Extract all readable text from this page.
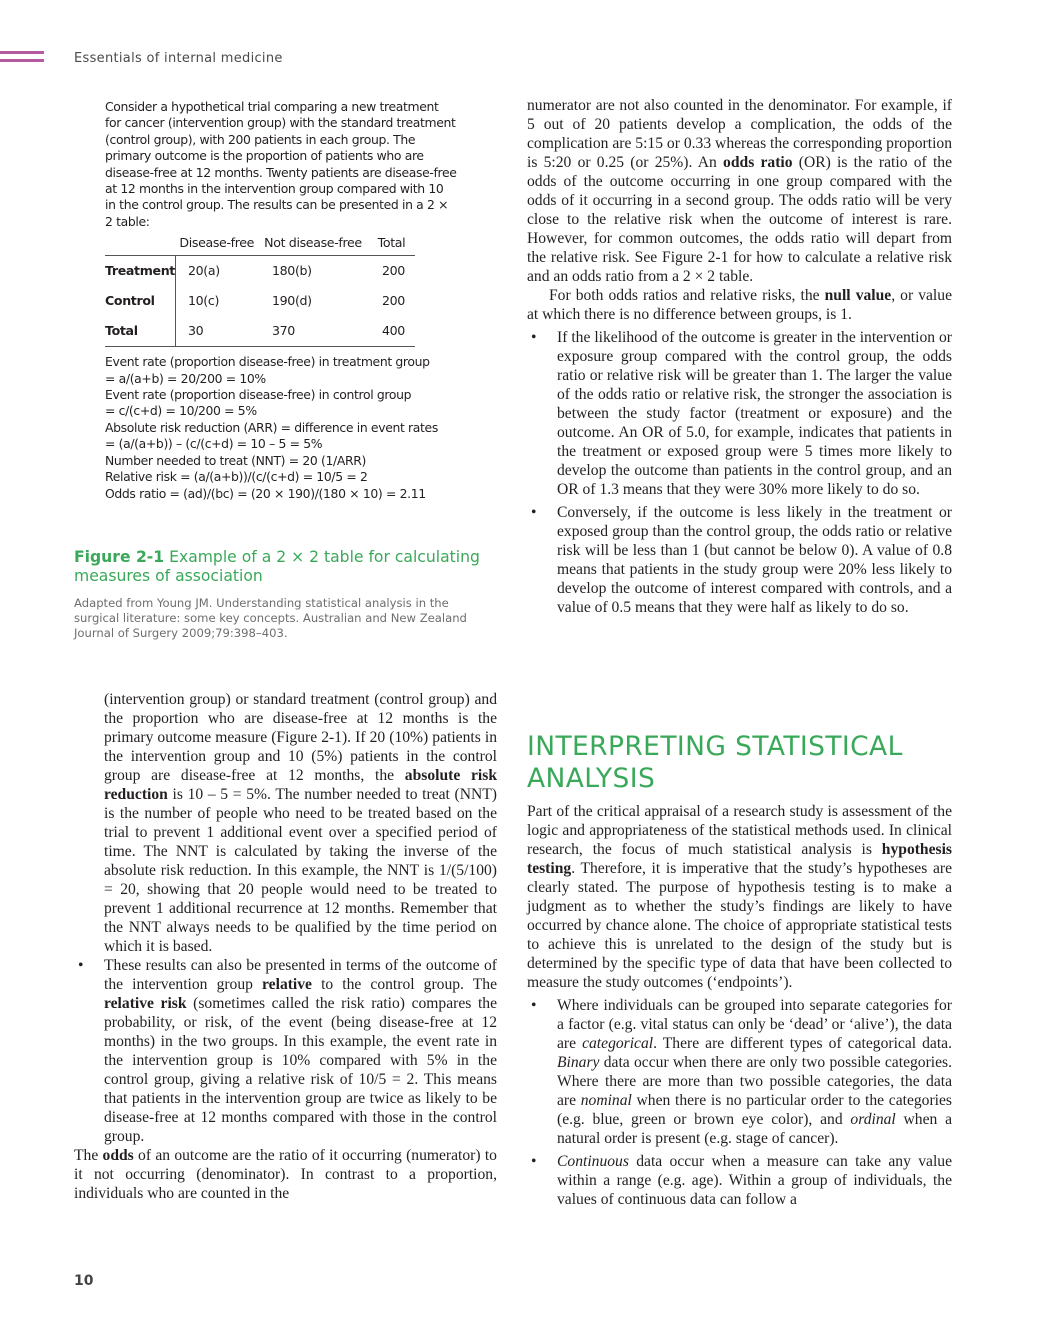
Essentials of internal medicine

Consider a hypothetical trial comparing a new treatment for cancer (intervention group) with the standard treatment (control group), with 200 patients in each group. The primary outcome is the proportion of patients who are disease-free at 12 months. Twenty patients are disease-free at 12 months in the intervention group compared with 10 in the control group. The results can be presented in a 2 × 2 table:

	Disease-free	Not disease-free	Total
Treatment	20(a)	180(b)	200
Control	10(c)	190(d)	200
Total	30	370	400

Event rate (proportion disease-free) in treatment group

= a/(a+b) = 20/200 = 10%

Event rate (proportion disease-free) in control group

= c/(c+d) = 10/200 = 5%

Absolute risk reduction (ARR) = difference in event rates

= (a/(a+b)) – (c/(c+d) = 10 – 5 = 5%

Number needed to treat (NNT) = 20 (1/ARR)

Relative risk = (a/(a+b))/(c/(c+d) = 10/5 = 2

Odds ratio = (ad)/(bc) = (20 × 190)/(180 × 10) = 2.11

Figure 2-1 Example of a 2 × 2 table for calculating measures of association
Adapted from Young JM. Understanding statistical analysis in the surgical literature: some key concepts. Australian and New Zealand Journal of Surgery 2009;79:398–403.

(intervention group) or standard treatment (control group) and the proportion who are disease-free at 12 months is the primary outcome measure (Figure 2-1). If 20 (10%) patients in the intervention group and 10 (5%) patients in the control group are disease-free at 12 months, the absolute risk reduction is 10 – 5 = 5%. The number needed to treat (NNT) is the number of people who need to be treated based on the trial to prevent 1 additional event over a specified period of time. The NNT is calculated by taking the inverse of the absolute risk reduction. In this example, the NNT is 1/(5/100) = 20, showing that 20 people would need to be treated to prevent 1 additional recurrence at 12 months. Remember that the NNT always needs to be qualified by the time period on which it is based.

• These results can also be presented in terms of the outcome of the intervention group relative to the control group. The relative risk (sometimes called the risk ratio) compares the probability, or risk, of the event (being disease-free at 12 months) in the two groups. In this example, the event rate in the intervention group is 10% compared with 5% in the control group, giving a relative risk of 10/5 = 2. This means that patients in the intervention group are twice as likely to be disease-free at 12 months compared with those in the control group.

The odds of an outcome are the ratio of it occurring (numerator) to it not occurring (denominator). In contrast to a proportion, individuals who are counted in the

numerator are not also counted in the denominator. For example, if 5 out of 20 patients develop a complication, the odds of the complication are 5:15 or 0.33 whereas the corresponding proportion is 5:20 or 0.25 (or 25%). An odds ratio (OR) is the ratio of the odds of the outcome occurring in one group compared with the odds of it occurring in a second group. The odds ratio will be very close to the relative risk when the outcome of interest is rare. However, for common outcomes, the odds ratio will depart from the relative risk. See Figure 2-1 for how to calculate a relative risk and an odds ratio from a 2 × 2 table.

For both odds ratios and relative risks, the null value, or value at which there is no difference between groups, is 1.

• If the likelihood of the outcome is greater in the intervention or exposure group compared with the control group, the odds ratio or relative risk will be greater than 1. The larger the value of the odds ratio or relative risk, the stronger the association is between the study factor (treatment or exposure) and the outcome. An OR of 5.0, for example, indicates that patients in the treatment or exposed group were 5 times more likely to develop the outcome than patients in the control group, and an OR of 1.3 means that they were 30% more likely to do so.

• Conversely, if the outcome is less likely in the treatment or exposed group than the control group, the odds ratio or relative risk will be less than 1 (but cannot be below 0). A value of 0.8 means that patients in the study group were 20% less likely to develop the outcome of interest compared with controls, and a value of 0.5 means that they were half as likely to do so.

INTERPRETING STATISTICAL ANALYSIS

Part of the critical appraisal of a research study is assessment of the logic and appropriateness of the statistical methods used. In clinical research, the focus of much statistical analysis is hypothesis testing. Therefore, it is imperative that the study’s hypotheses are clearly stated. The purpose of hypothesis testing is to make a judgment as to whether the study’s findings are likely to have occurred by chance alone. The choice of appropriate statistical tests to achieve this is unrelated to the design of the study but is determined by the specific type of data that have been collected to measure the study outcomes (‘endpoints’).

• Where individuals can be grouped into separate categories for a factor (e.g. vital status can only be ‘dead’ or ‘alive’), the data are categorical. There are different types of categorical data. Binary data occur when there are only two possible categories. Where there are more than two possible categories, the data are nominal when there is no particular order to the categories (e.g. blue, green or brown eye color), and ordinal when a natural order is present (e.g. stage of cancer).

• Continuous data occur when a measure can take any value within a range (e.g. age). Within a group of individuals, the values of continuous data can follow a

10
